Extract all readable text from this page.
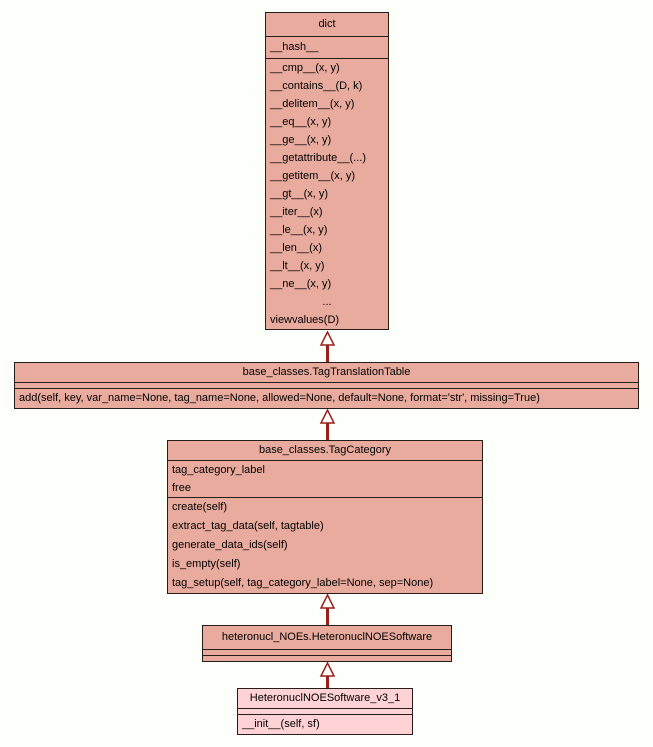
dict
__hash__
__cmp__(x, y)
__contains__(D, k)
__delitem__(x, y)
__eq__(x, y)
__ge__(x, y)
__getattribute__(...)
__getitem__(x, y)
__gt__(x, y)
__iter__(x)
__le__(x, y)
__len__(x)
__lt__(x, y)
__ne__(x, y)
...
viewvalues(D)
base_classes.TagTranslationTable
add(self, key, var_name=None, tag_name=None, allowed=None, default=None, format='str', missing=True)
base_classes.TagCategory
tag_category_label
free
create(self)
extract_tag_data(self, tagtable)
generate_data_ids(self)
is_empty(self)
tag_setup(self, tag_category_label=None, sep=None)
heteronucl_NOEs.HeteronuclNOESoftware
HeteronuclNOESoftware_v3_1
__init__(self, sf)
